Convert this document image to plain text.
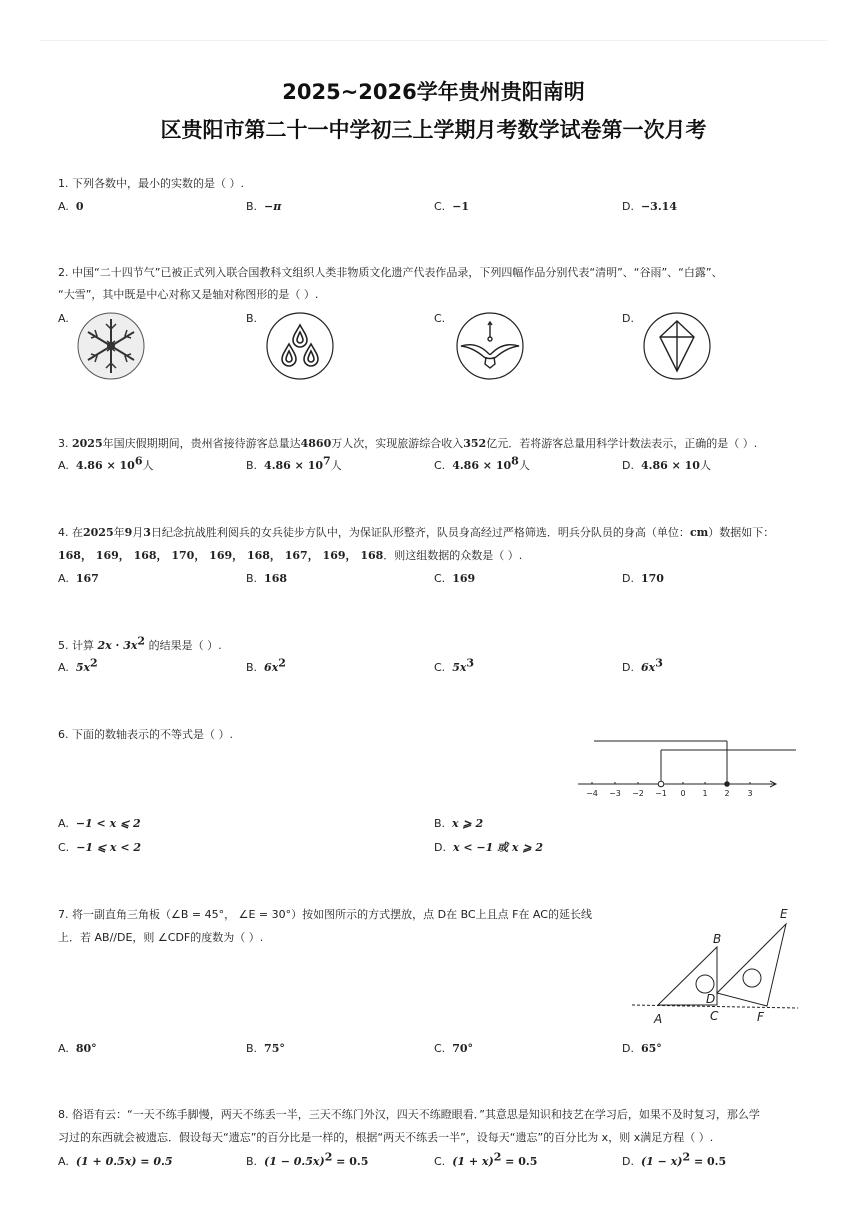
2025~2026学年贵州贵阳南明
区贵阳市第二十一中学初三上学期月考数学试卷第一次月考
1. 下列各数中，最小的实数的是（ ）.
A. 0	B. −π	C. −1	D. −3.14
2. 中国“二十四节气”已被正式列入联合国教科文组织人类非物质文化遗产代表作品录，下列四幅作品分别代表“清明”、“谷雨”、“白露”、
“大雪”，其中既是中心对称又是轴对称图形的是（ ）.
A.	B.	C.	D.
3. 2025年国庆假期期间，贵州省接待游客总量达4860万人次，实现旅游综合收入352亿元．若将游客总量用科学计数法表示，正确的是（ ）.
A. $4.86 \times 10^6$人	B. $4.86 \times 10^7$人	C. $4.86 \times 10^8$人	D. 4.86 × 10人
4. 在2025年9月3日纪念抗战胜利阅兵的女兵徒步方队中，为保证队形整齐，队员身高经过严格筛选．明兵分队员的身高（单位：cm）数据如下：
168， 169， 168， 170， 169， 168， 167， 169， 168．则这组数据的众数是（ ）.
A. 167	B. 168	C. 169	D. 170
5. 计算 $2x \cdot 3x^2$ 的结果是（ ）.
A. $5x^2$	B. $6x^2$	C. $5x^3$	D. $6x^3$
6. 下面的数轴表示的不等式是（ ）.
−4 −3 −2 −1 0 1 2 3
A. −1 < x ⩽ 2	B. x ⩾ 2
C. −1 ⩽ x < 2	D. x < −1 或 x ⩾ 2
7. 将一副直角三角板（∠B = 45°， ∠E = 30°）按如图所示的方式摆放，点 D在 BC上且点 F在 AC的延长线
上．若 AB//DE，则 ∠CDF的度数为（ ）.
A
B
C
D
E
F
A. 80°	B. 75°	C. 70°	D. 65°
8. 俗语有云：“一天不练手脚慢，两天不练丢一半，三天不练门外汉，四天不练瞪眼看．”其意思是知识和技艺在学习后，如果不及时复习，那么学
习过的东西就会被遗忘．假设每天“遗忘”的百分比是一样的，根据“两天不练丢一半”，设每天“遗忘”的百分比为 x，则 x满足方程（ ）.
A. (1 + 0.5x) = 0.5	B. $(1 - 0.5x)^2 = 0.5$	C. $(1 + x)^2 = 0.5$	D. $(1 - x)^2 = 0.5$
